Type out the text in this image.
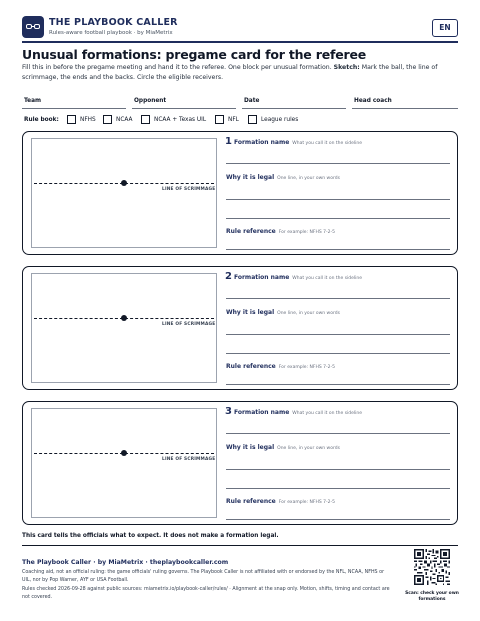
THE PLAYBOOK CALLER
Rules-aware football playbook · by MiaMetrix
EN
Unusual formations: pregame card for the referee
Fill this in before the pregame meeting and hand it to the referee. One block per unusual formation. Sketch: Mark the ball, the line of scrimmage, the ends and the backs. Circle the eligible receivers.
Team	Opponent	Date	Head coach
Rule book:	NFHS	NCAA	NCAA + Texas UIL	NFL	League rules
LINE OF SCRIMMAGE
1 Formation name What you call it on the sideline
Why it is legal One line, in your own words
Rule reference For example: NFHS 7-2-5
LINE OF SCRIMMAGE
2 Formation name What you call it on the sideline
Why it is legal One line, in your own words
Rule reference For example: NFHS 7-2-5
LINE OF SCRIMMAGE
3 Formation name What you call it on the sideline
Why it is legal One line, in your own words
Rule reference For example: NFHS 7-2-5
This card tells the officials what to expect. It does not make a formation legal.
The Playbook Caller · by MiaMetrix · theplaybookcaller.com
Coaching aid, not an official ruling: the game officials' ruling governs. The Playbook Caller is not affiliated with or endorsed by the NFL, NCAA, NFHS or UIL, nor by Pop Warner, AYF or USA Football.
Rules checked 2026-09-28 against public sources: miametrix.io/playbook-caller/rules/ · Alignment at the snap only. Motion, shifts, timing and contact are not covered.
Scan: check your own formations
